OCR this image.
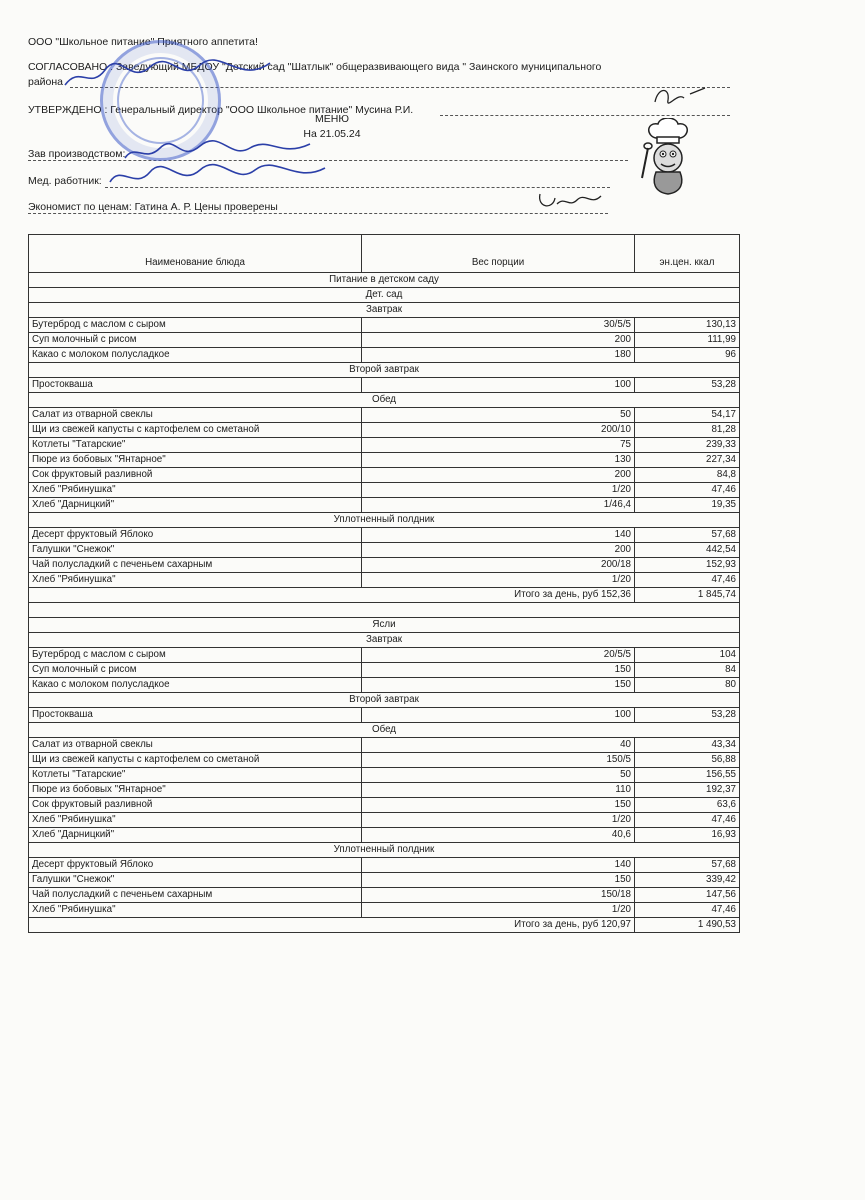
ООО "Школьное питание" Приятного аппетита!
СОГЛАСОВАНО : Заведующий МБДОУ "Детский сад "Шатлык" общеразвивающего вида " Заинского муниципального
района
УТВЕРЖДЕНО : Генеральный директор "ООО Школьное питание" Мусина Р.И.
МЕНЮ
На 21.05.24
Зав производством:
Мед. работник:
Экономист по ценам: Гатина А. Р. Цены проверены
Наименование блюда	Вес порции	эн.цен. ккал
Питание в детском саду		
Дет. сад		
Завтрак		
Бутерброд с маслом с сыром	30/5/5	130,13
Суп молочный с рисом	200	111,99
Какао с молоком полусладкое	180	96
Второй завтрак		
Простокваша	100	53,28
Обед		
Салат из отварной свеклы	50	54,17
Щи из свежей капусты с картофелем со сметаной	200/10	81,28
Котлеты "Татарские"	75	239,33
Пюре из бобовых "Янтарное"	130	227,34
Сок фруктовый разливной	200	84,8
Хлеб "Рябинушка"	1/20	47,46
Хлеб "Дарницкий"	1/46,4	19,35
Уплотненный полдник		
Десерт фруктовый Яблоко	140	57,68
Галушки "Снежок"	200	442,54
Чай полусладкий с печеньем сахарным	200/18	152,93
Хлеб "Рябинушка"	1/20	47,46
Итого за день, руб 152,36		1 845,74

Ясли		
Завтрак		
Бутерброд с маслом с сыром	20/5/5	104
Суп молочный с рисом	150	84
Какао с молоком полусладкое	150	80
Второй завтрак		
Простокваша	100	53,28
Обед		
Салат из отварной свеклы	40	43,34
Щи из свежей капусты с картофелем со сметаной	150/5	56,88
Котлеты "Татарские"	50	156,55
Пюре из бобовых "Янтарное"	110	192,37
Сок фруктовый разливной	150	63,6
Хлеб "Рябинушка"	1/20	47,46
Хлеб "Дарницкий"	40,6	16,93
Уплотненный полдник		
Десерт фруктовый Яблоко	140	57,68
Галушки "Снежок"	150	339,42
Чай полусладкий с печеньем сахарным	150/18	147,56
Хлеб "Рябинушка"	1/20	47,46
Итого за день, руб 120,97		1 490,53
